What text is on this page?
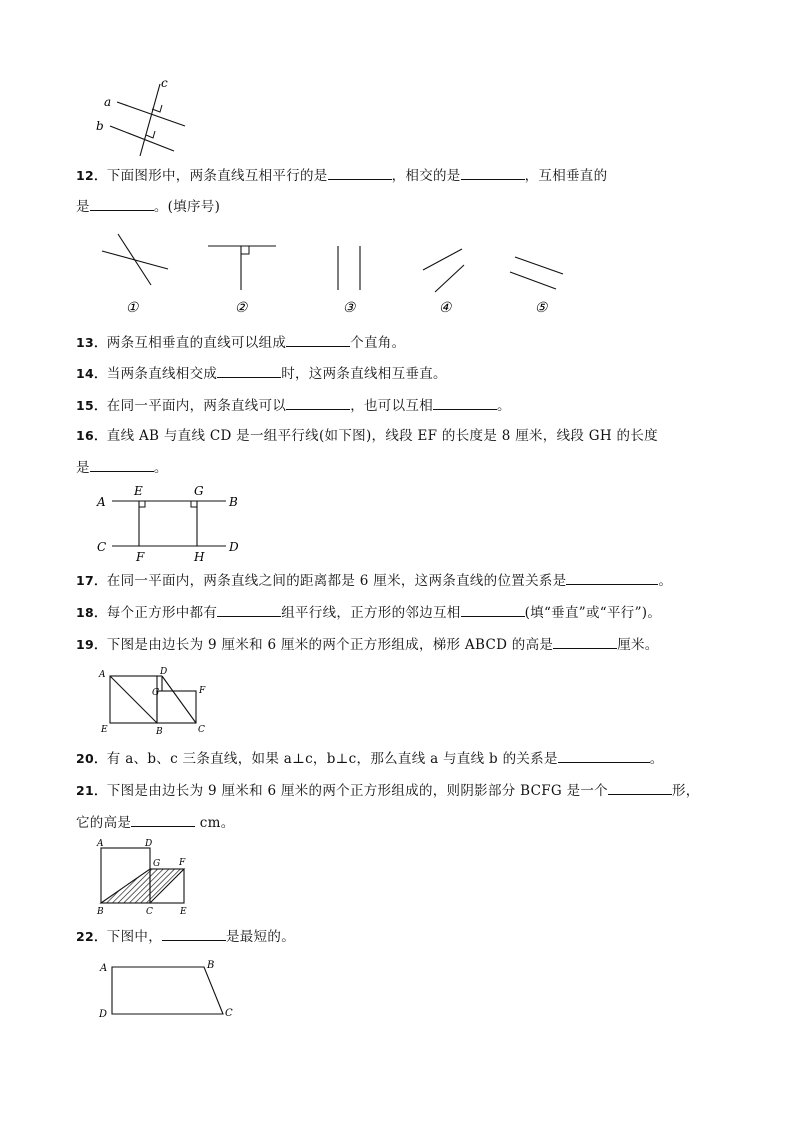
a
b
c
12．下面图形中，两条直线互相平行的是	，相交的是	，互相垂直的
是	。(填序号)
①	②	③	④	⑤
13．两条互相垂直的直线可以组成	个直角。
14．当两条直线相交成	时，这两条直线相互垂直。
15．在同一平面内，两条直线可以	，也可以互相	。
16．直线 AB 与直线 CD 是一组平行线(如下图)，线段 EF 的长度是 8 厘米，线段 GH 的长度
是	。
A	B
C	D
E	G
F	H
17．在同一平面内，两条直线之间的距离都是 6 厘米，这两条直线的位置关系是	。
18．每个正方形中都有	组平行线，正方形的邻边互相	(填“垂直”或“平行”)。
19．下图是由边长为 9 厘米和 6 厘米的两个正方形组成，梯形 ABCD 的高是	厘米。
A	D
G	F
E	B	C
20．有 a、b、c 三条直线，如果 a⊥c，b⊥c，那么直线 a 与直线 b 的关系是	。
21．下图是由边长为 9 厘米和 6 厘米的两个正方形组成的，则阴影部分 BCFG 是一个	形，
它的高是	cm。
A	D
G F
B	C	E
22．下图中，	是最短的。
A	B
C
D
